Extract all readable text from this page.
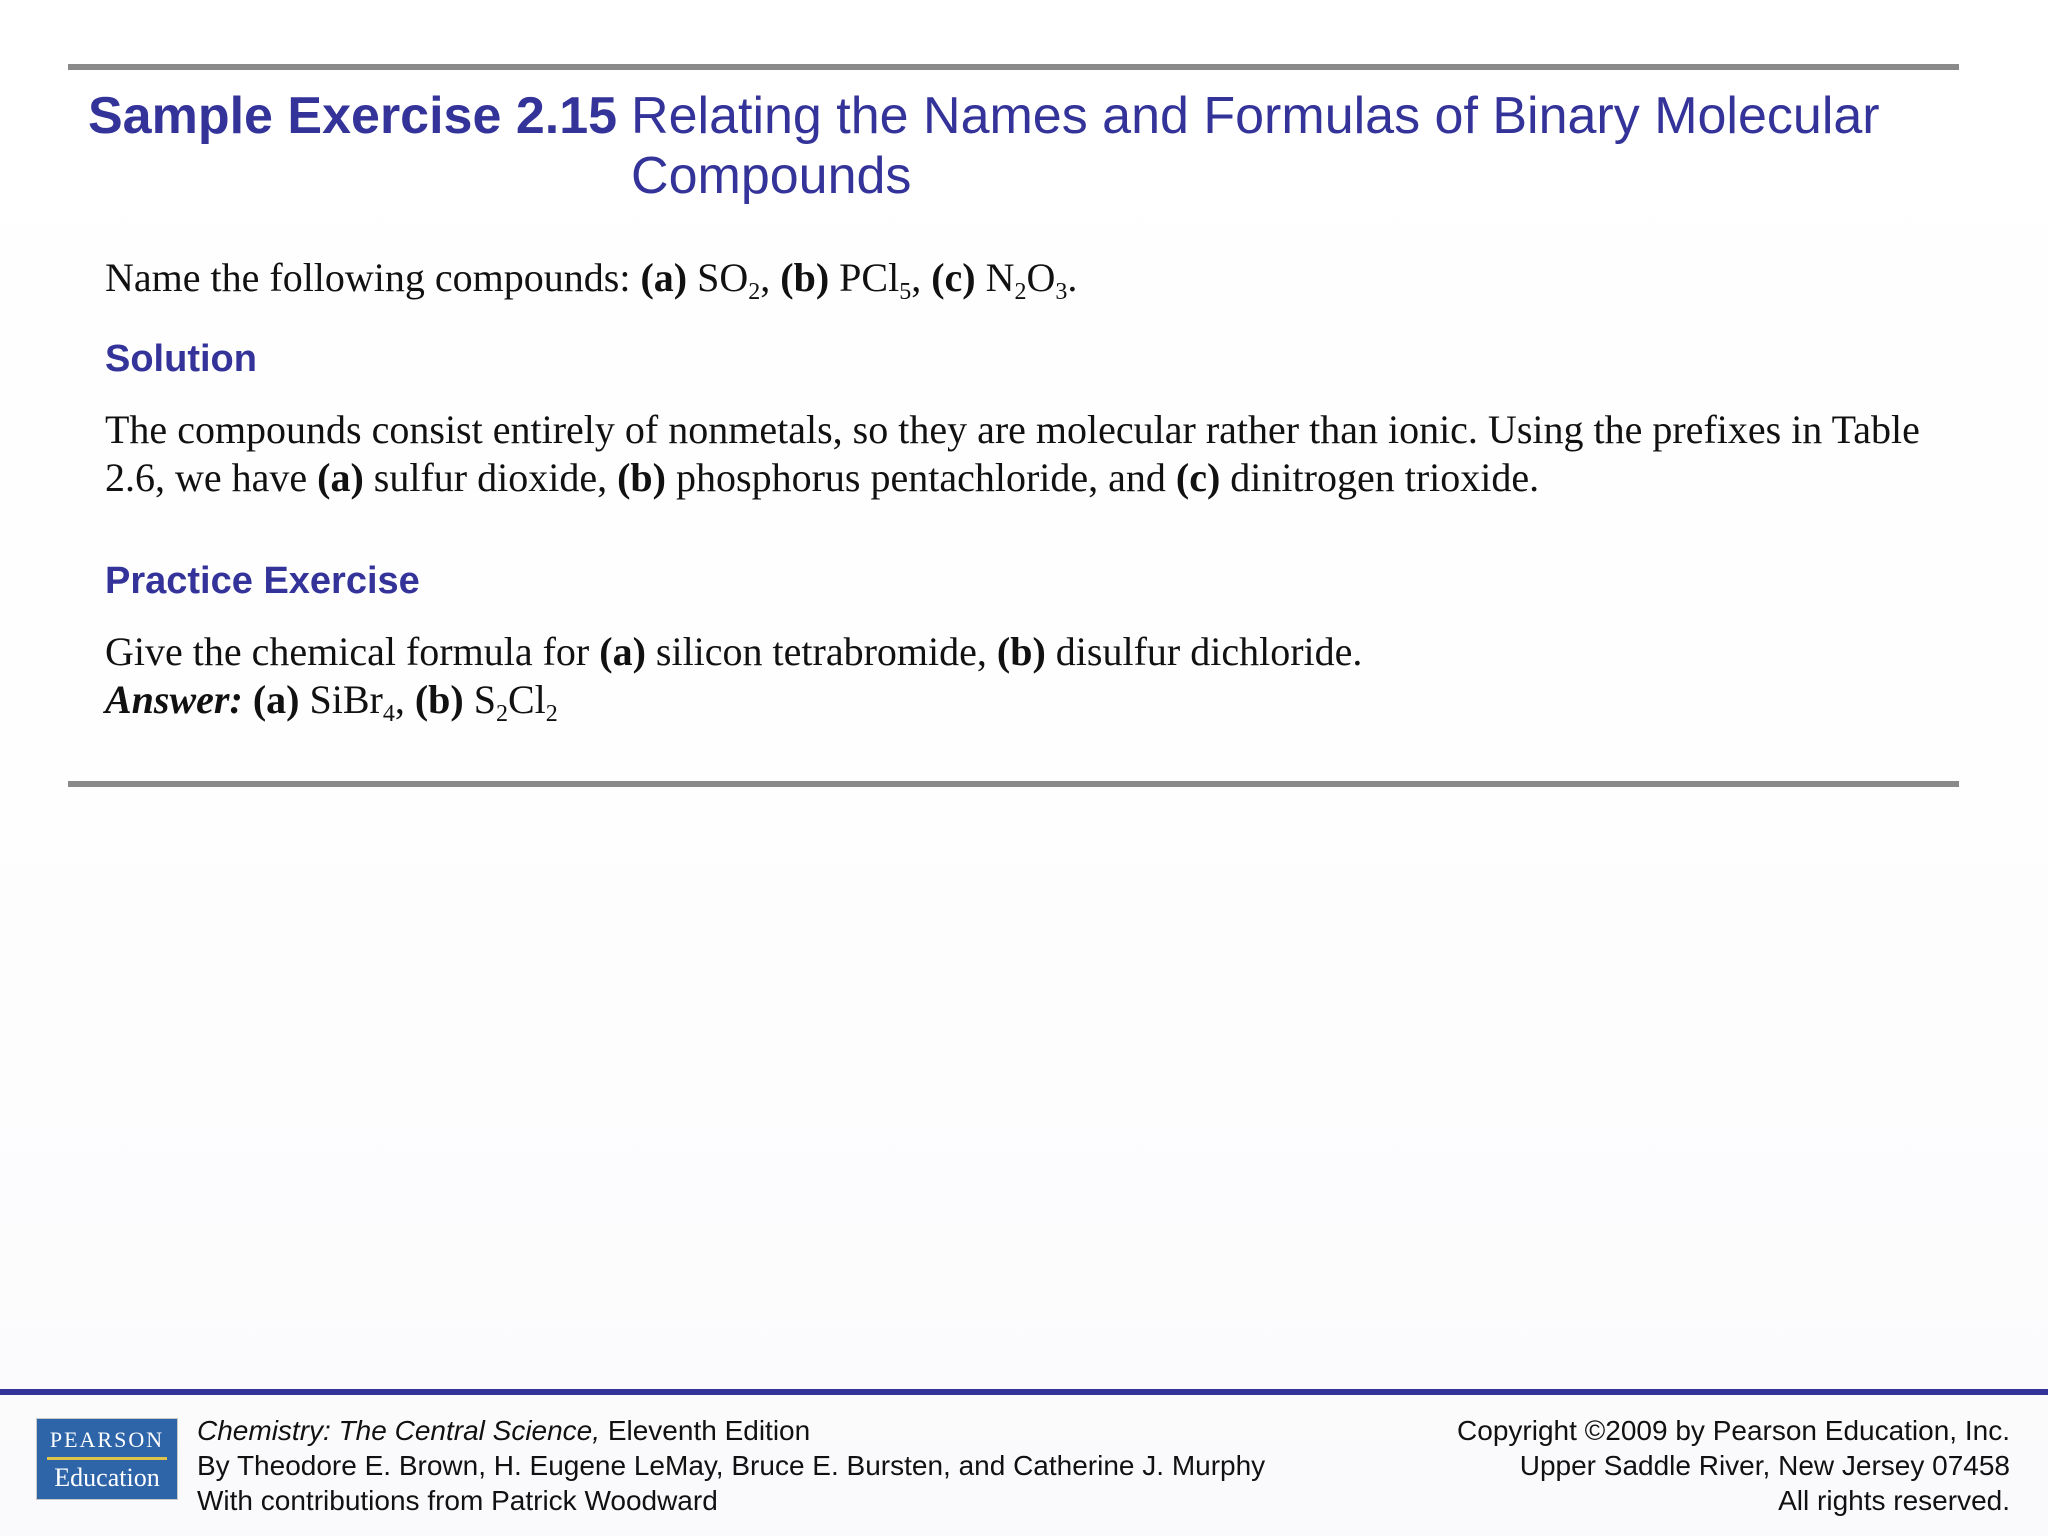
Sample Exercise 2.15 Relating the Names and Formulas of Binary Molecular Compounds
Name the following compounds: (a) $SO_2$, (b) PCl$_5$, (c) $N_2O_3$.
Solution
The compounds consist entirely of nonmetals, so they are molecular rather than ionic. Using the prefixes in Table 2.6, we have (a) sulfur dioxide, (b) phosphorus pentachloride, and (c) dinitrogen trioxide.
Practice Exercise
Give the chemical formula for (a) silicon tetrabromide, (b) disulfur dichloride.
Answer: (a) SiBr$_4$, (b) $S_2Cl_2$
PEARSON
Education
Chemistry: The Central Science, Eleventh Edition
By Theodore E. Brown, H. Eugene LeMay, Bruce E. Bursten, and Catherine J. Murphy
With contributions from Patrick Woodward
Copyright ©2009 by Pearson Education, Inc.
Upper Saddle River, New Jersey 07458
All rights reserved.
